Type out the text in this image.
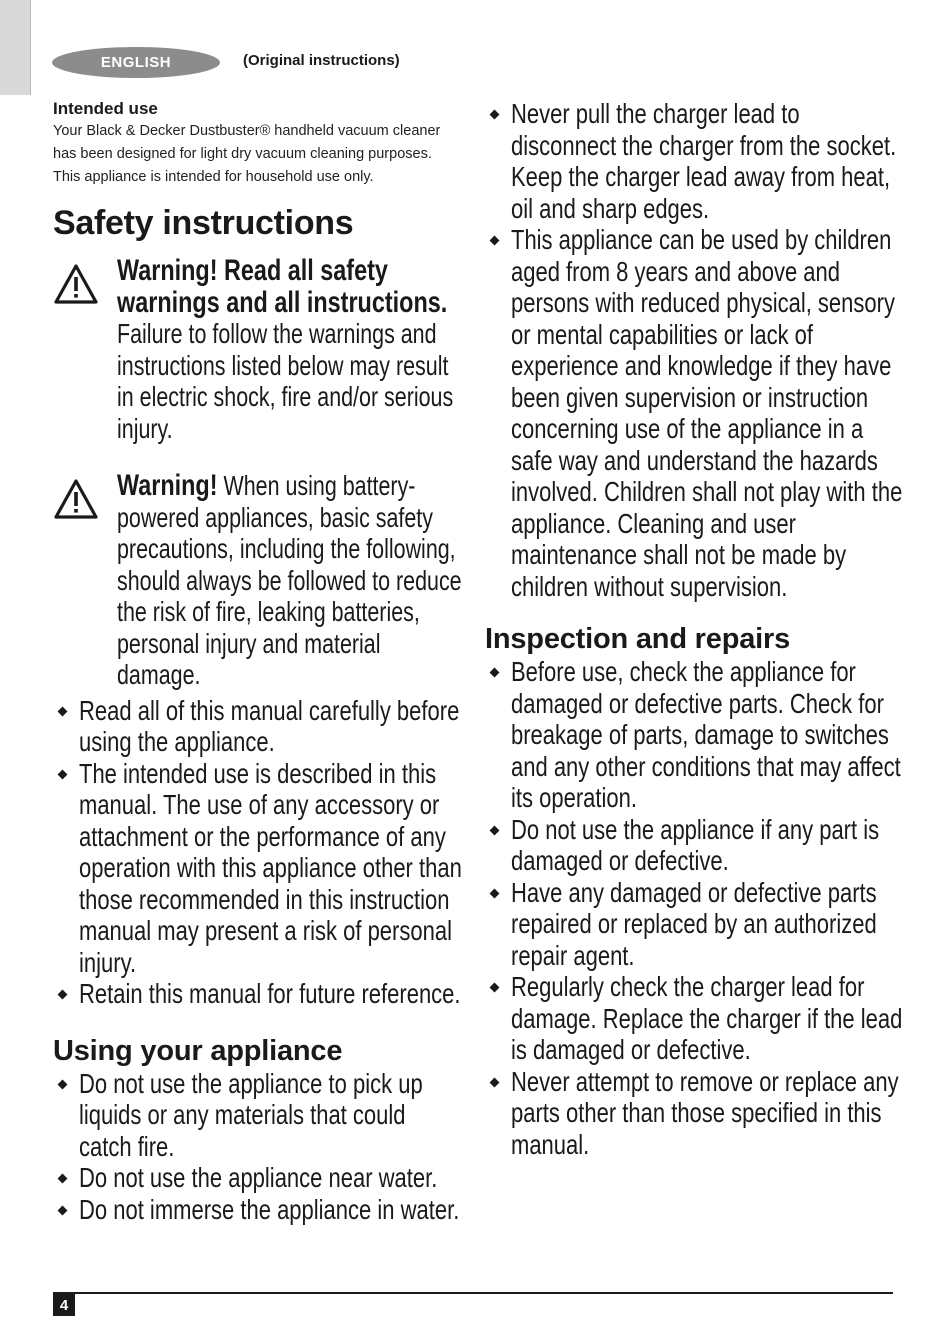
ENGLISH	(Original instructions)

Intended use

Your Black & Decker Dustbuster® handheld vacuum cleaner

has been designed for light dry vacuum cleaning purposes.

This appliance is intended for household use only.

Safety instructions
Warning! Read all safety warnings and all instructions. Failure to follow the warnings and instructions listed below may result in electric shock, fire and/or serious injury.
Warning! When using battery-powered appliances, basic safety precautions, including the following, should always be followed to reduce the risk of fire, leaking batteries, personal injury and material damage.
Read all of this manual carefully before using the appliance.
The intended use is described in this manual. The use of any accessory or attachment or the performance of any operation with this appliance other than those recommended in this instruction manual may present a risk of personal injury.
Retain this manual for future reference.
Using your appliance
Do not use the appliance to pick up liquids or any materials that could catch fire.
Do not use the appliance near water.
Do not immerse the appliance in water.
Never pull the charger lead to disconnect the charger from the socket. Keep the charger lead away from heat, oil and sharp edges.
This appliance can be used by children aged from 8 years and above and persons with reduced physical, sensory or mental capabilities or lack of experience and knowledge if they have been given supervision or instruction concerning use of the appliance in a safe way and understand the hazards involved. Children shall not play with the appliance. Cleaning and user maintenance shall not be made by children without supervision.
Inspection and repairs
Before use, check the appliance for damaged or defective parts. Check for breakage of parts, damage to switches and any other conditions that may affect its operation.
Do not use the appliance if any part is damaged or defective.
Have any damaged or defective parts repaired or replaced by an authorized repair agent.
Regularly check the charger lead for damage. Replace the charger if the lead is damaged or defective.
Never attempt to remove or replace any parts other than those specified in this manual.
4
